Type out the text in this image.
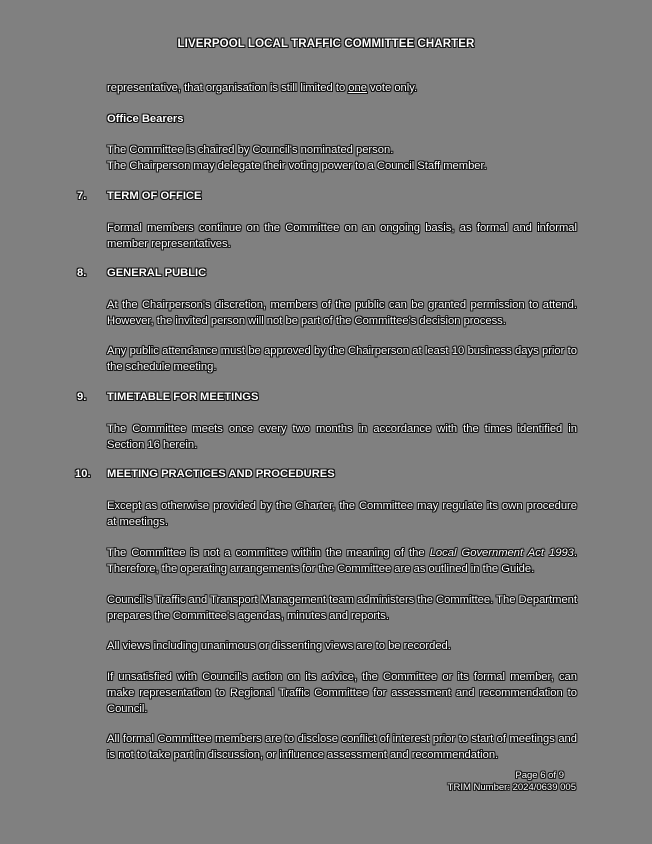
LIVERPOOL LOCAL TRAFFIC COMMITTEE CHARTER
representative, that organisation is still limited to one vote only.
Office Bearers
The Committee is chaired by Council's nominated person.
The Chairperson may delegate their voting power to a Council Staff member.
7. TERM OF OFFICE
Formal members continue on the Committee on an ongoing basis, as formal and informal member representatives.
8. GENERAL PUBLIC
At the Chairperson's discretion, members of the public can be granted permission to attend. However, the invited person will not be part of the Committee's decision process.
Any public attendance must be approved by the Chairperson at least 10 business days prior to the schedule meeting.
9. TIMETABLE FOR MEETINGS
The Committee meets once every two months in accordance with the times identified in Section 16 herein.
10. MEETING PRACTICES AND PROCEDURES
Except as otherwise provided by the Charter, the Committee may regulate its own procedure at meetings.
The Committee is not a committee within the meaning of the Local Government Act 1993. Therefore, the operating arrangements for the Committee are as outlined in the Guide.
Council's Traffic and Transport Management team administers the Committee. The Department prepares the Committee's agendas, minutes and reports.
All views including unanimous or dissenting views are to be recorded.
If unsatisfied with Council's action on its advice, the Committee or its formal member, can make representation to Regional Traffic Committee for assessment and recommendation to Council.
All formal Committee members are to disclose conflict of interest prior to start of meetings and is not to take part in discussion, or influence assessment and recommendation.
Page 6 of 9
TRIM Number: 2024/0639 005
